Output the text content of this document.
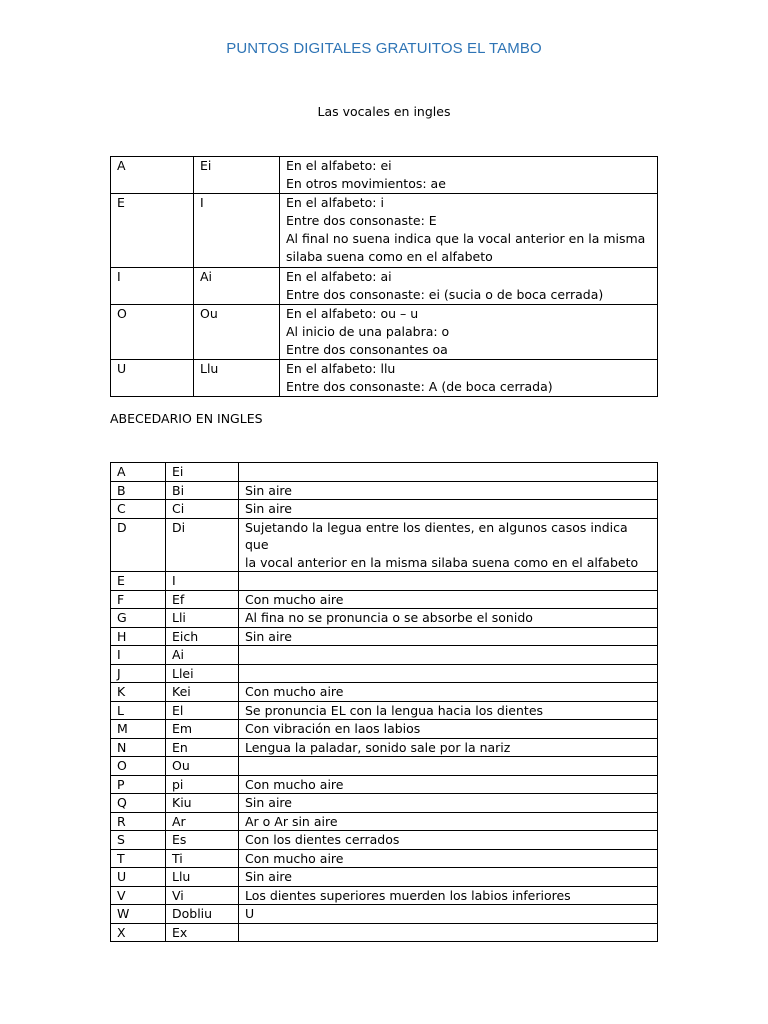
PUNTOS DIGITALES GRATUITOS EL TAMBO
Las vocales en ingles
A	Ei	En el alfabeto: ei
En otros movimientos: ae

E	I	En el alfabeto: i
Entre dos consonaste: E
Al final no suena indica que la vocal anterior en la misma
silaba suena como en el alfabeto

I	Ai	En el alfabeto: ai
Entre dos consonaste: ei (sucia o de boca cerrada)

O	Ou	En el alfabeto: ou – u
Al inicio de una palabra: o
Entre dos consonantes oa

U	Llu	En el alfabeto: llu
Entre dos consonaste: A (de boca cerrada)
ABECEDARIO EN INGLES
A	Ei	
B	Bi	Sin aire

C	Ci	Sin aire

D	Di	Sujetando la legua entre los dientes, en algunos casos indica que
la vocal anterior en la misma silaba suena como en el alfabeto

E	I	
F	Ef	Con mucho aire

G	Lli	Al fina no se pronuncia o se absorbe el sonido

H	Eich	Sin aire

I	Ai	
J	Llei	
K	Kei	Con mucho aire

L	El	Se pronuncia EL con la lengua hacia los dientes

M	Em	Con vibración en laos labios

N	En	Lengua la paladar, sonido sale por la nariz

O	Ou	
P	pi	Con mucho aire

Q	Kiu	Sin aire

R	Ar	Ar o Ar sin aire

S	Es	Con los dientes cerrados

T	Ti	Con mucho aire

U	Llu	Sin aire

V	Vi	Los dientes superiores muerden los labios inferiores

W	Dobliu	U

X	Ex	
